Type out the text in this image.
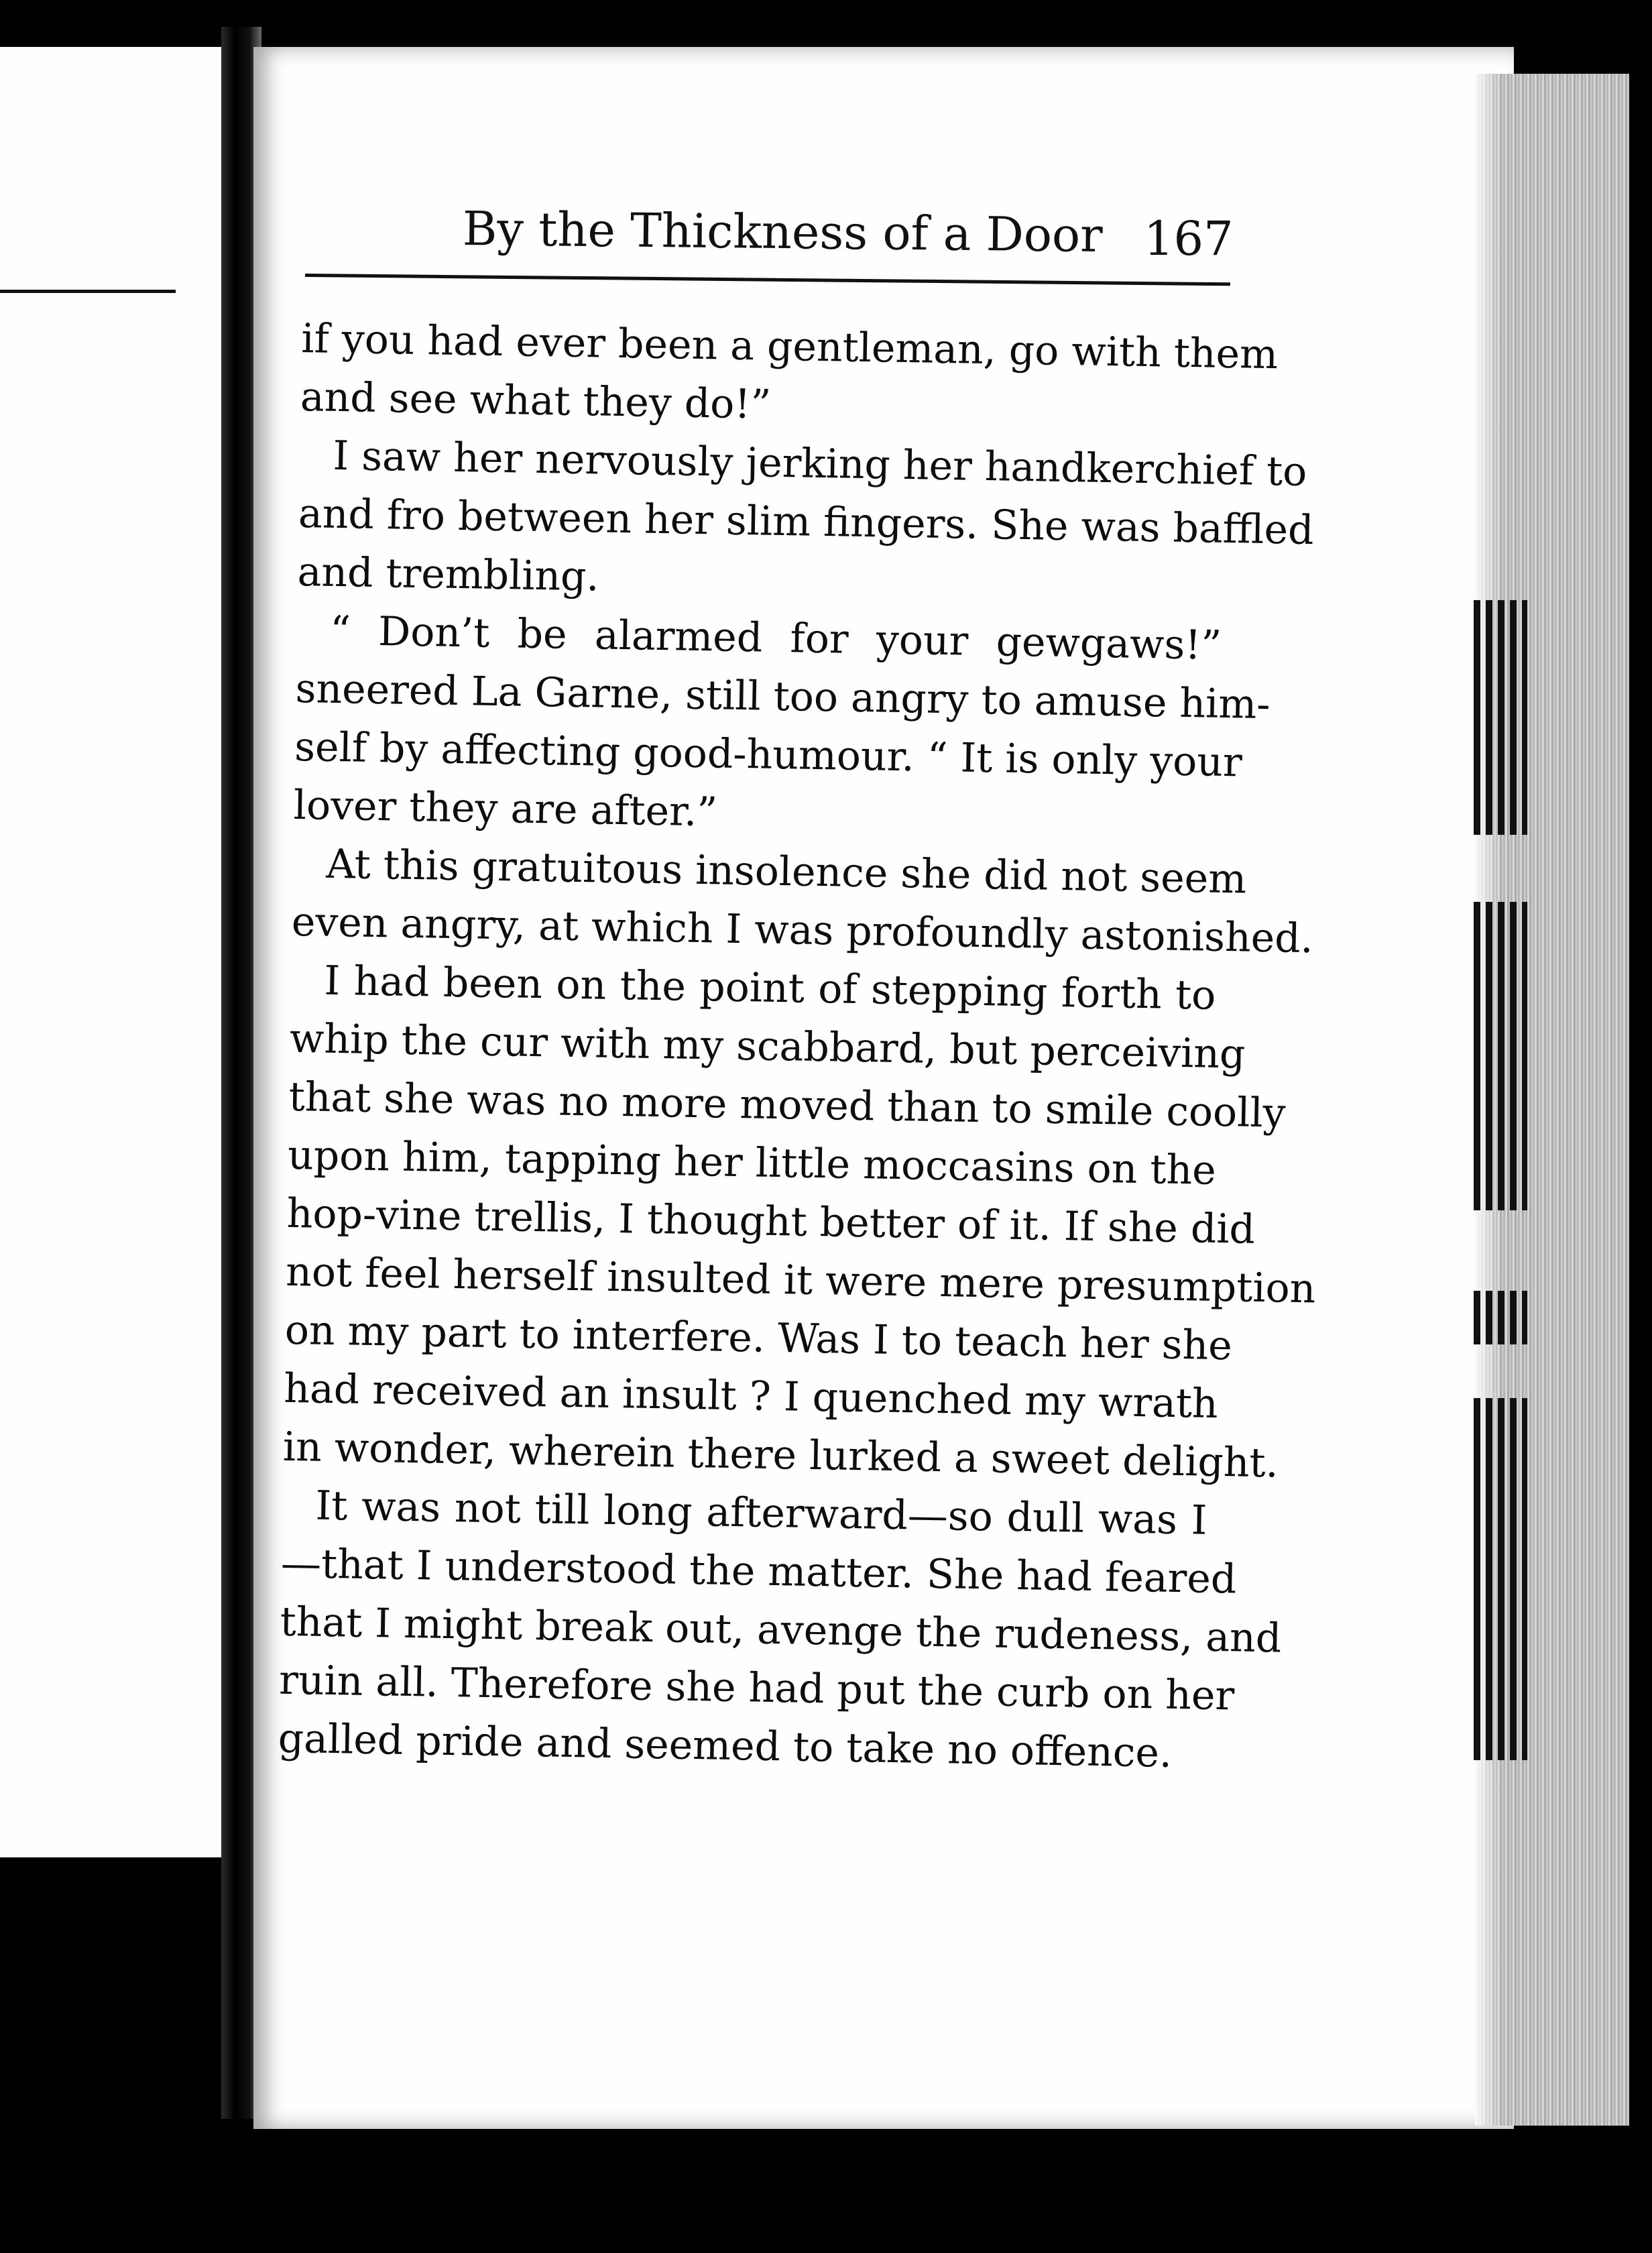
By the Thickness of a Door 167
if you had ever been a gentleman, go with them
and see what they do!”
I saw her nervously jerking her handkerchief to
and fro between her slim fingers. She was baffled
and trembling.
“ Don’t be alarmed for your gewgaws!”
sneered La Garne, still too angry to amuse him-
self by affecting good-humour. “ It is only your
lover they are after.”
At this gratuitous insolence she did not seem
even angry, at which I was profoundly astonished.
I had been on the point of stepping forth to
whip the cur with my scabbard, but perceiving
that she was no more moved than to smile coolly
upon him, tapping her little moccasins on the
hop-vine trellis, I thought better of it. If she did
not feel herself insulted it were mere presumption
on my part to interfere. Was I to teach her she
had received an insult ? I quenched my wrath
in wonder, wherein there lurked a sweet delight.
It was not till long afterward—so dull was I
—that I understood the matter. She had feared
that I might break out, avenge the rudeness, and
ruin all. Therefore she had put the curb on her
galled pride and seemed to take no offence.
